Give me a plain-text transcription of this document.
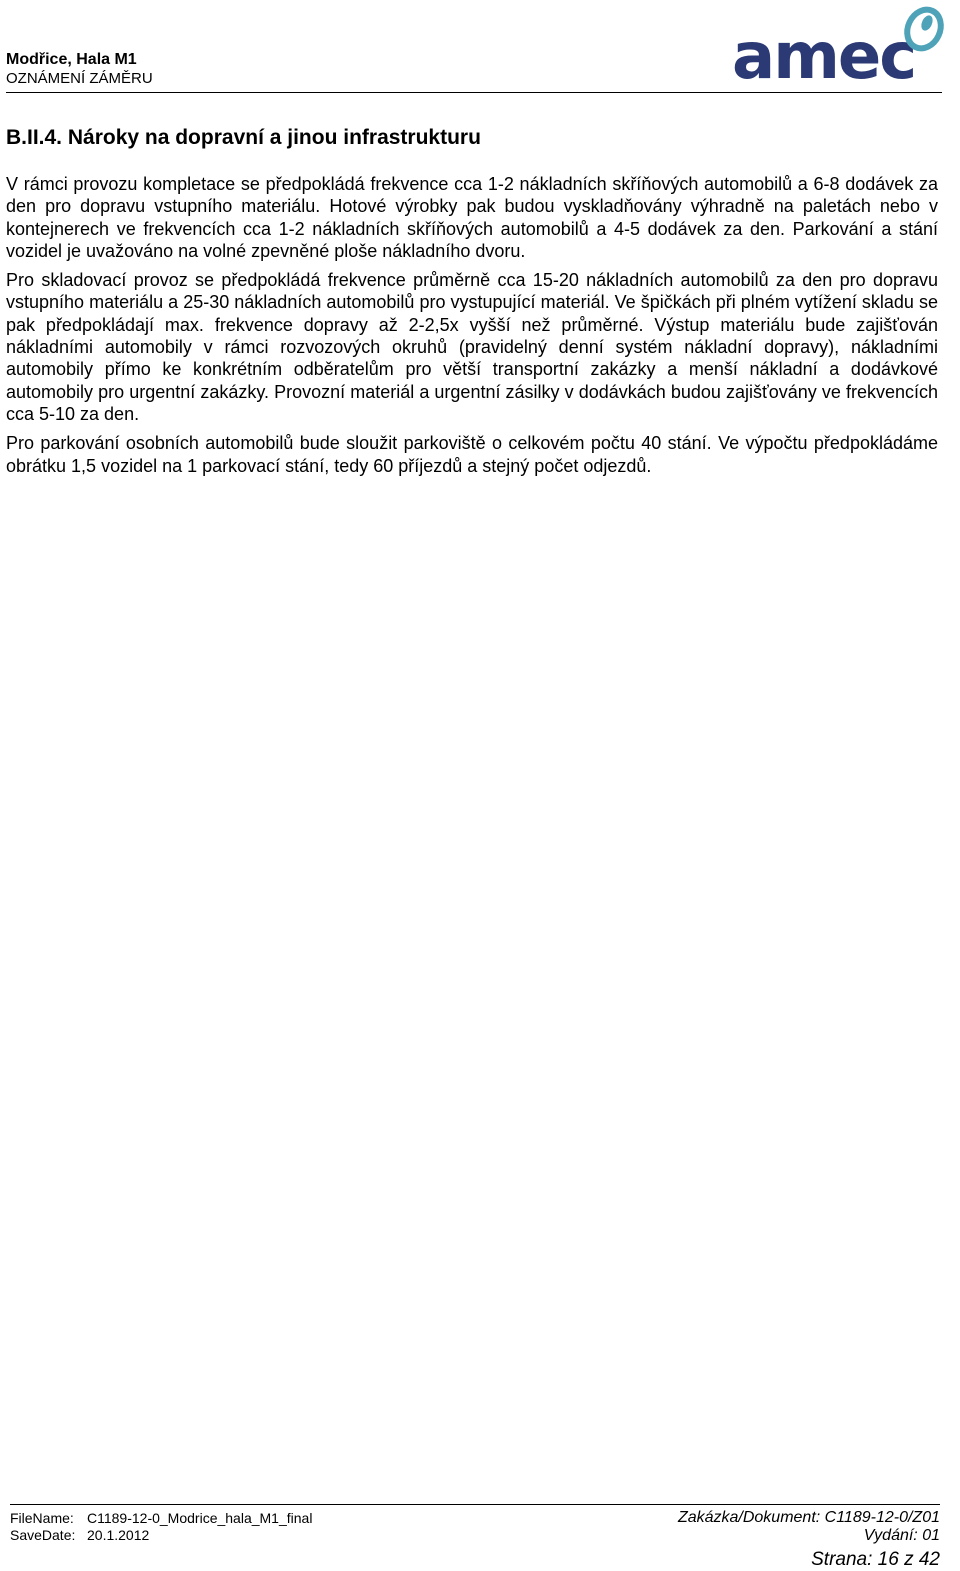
Modřice, Hala M1
OZNÁMENÍ ZÁMĚRU	amec
B.II.4. Nároky na dopravní a jinou infrastrukturu

V rámci provozu kompletace se předpokládá frekvence cca 1-2 nákladních skříňových automobilů a 6-8 dodávek za den pro dopravu vstupního materiálu. Hotové výrobky pak budou vyskladňovány výhradně na paletách nebo v kontejnerech ve frekvencích cca 1-2 nákladních skříňových automobilů a 4-5 dodávek za den. Parkování a stání vozidel je uvažováno na volné zpevněné ploše nákladního dvoru.

Pro skladovací provoz se předpokládá frekvence průměrně cca 15-20 nákladních automobilů za den pro dopravu vstupního materiálu a 25-30 nákladních automobilů pro vystupující materiál. Ve špičkách při plném vytížení skladu se pak předpokládají max. frekvence dopravy až 2-2,5x vyšší než průměrné. Výstup materiálu bude zajišťován nákladními automobily v rámci rozvozových okruhů (pravidelný denní systém nákladní dopravy), nákladními automobily přímo ke konkrétním odběratelům pro větší transportní zakázky a menší nákladní a dodávkové automobily pro urgentní zakázky. Provozní materiál a urgentní zásilky v dodávkách budou zajišťovány ve frekvencích cca 5-10 za den.

Pro parkování osobních automobilů bude sloužit parkoviště o celkovém počtu 40 stání. Ve výpočtu předpokládáme obrátku 1,5 vozidel na 1 parkovací stání, tedy 60 příjezdů a stejný počet odjezdů.

FileName: C1189-12-0_Modrice_hala_M1_final
SaveDate: 20.1.2012
Zakázka/Dokument: C1189-12-0/Z01
Vydání: 01
Strana: 16 z 42
